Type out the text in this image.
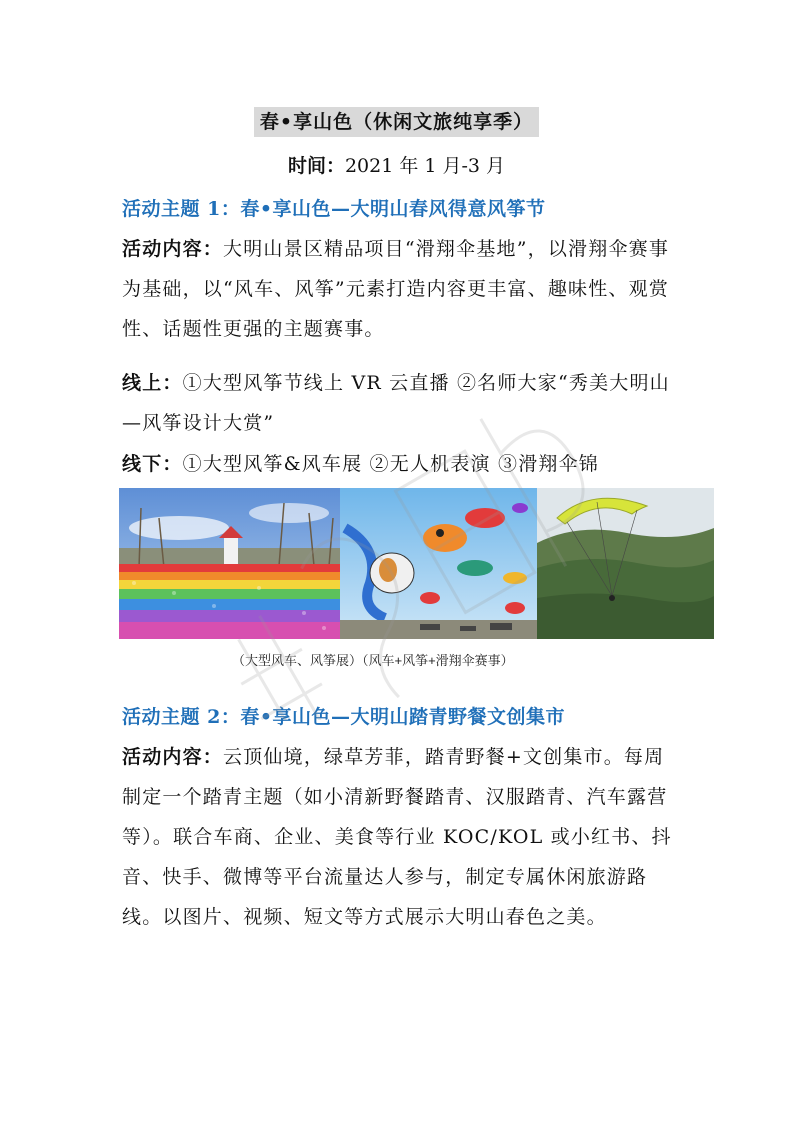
春•享山色（休闲文旅纯享季）
时间：2021 年 1 月-3 月
活动主题 1：春•享山色—大明山春风得意风筝节
活动内容：大明山景区精品项目“滑翔伞基地”，以滑翔伞赛事为基础，以“风车、风筝”元素打造内容更丰富、趣味性、观赏性、话题性更强的主题赛事。
线上：①大型风筝节线上 VR 云直播 ②名师大家“秀美大明山—风筝设计大赏”
线下：①大型风筝&风车展 ②无人机表演 ③滑翔伞锦
（大型风车、风筝展）（风车+风筝+滑翔伞赛事）
活动主题 2：春•享山色—大明山踏青野餐文创集市
活动内容：云顶仙境，绿草芳菲，踏青野餐+文创集市。每周制定一个踏青主题（如小清新野餐踏青、汉服踏青、汽车露营等）。联合车商、企业、美食等行业 KOC/KOL 或小红书、抖音、快手、微博等平台流量达人参与，制定专属休闲旅游路线。以图片、视频、短文等方式展示大明山春色之美。
